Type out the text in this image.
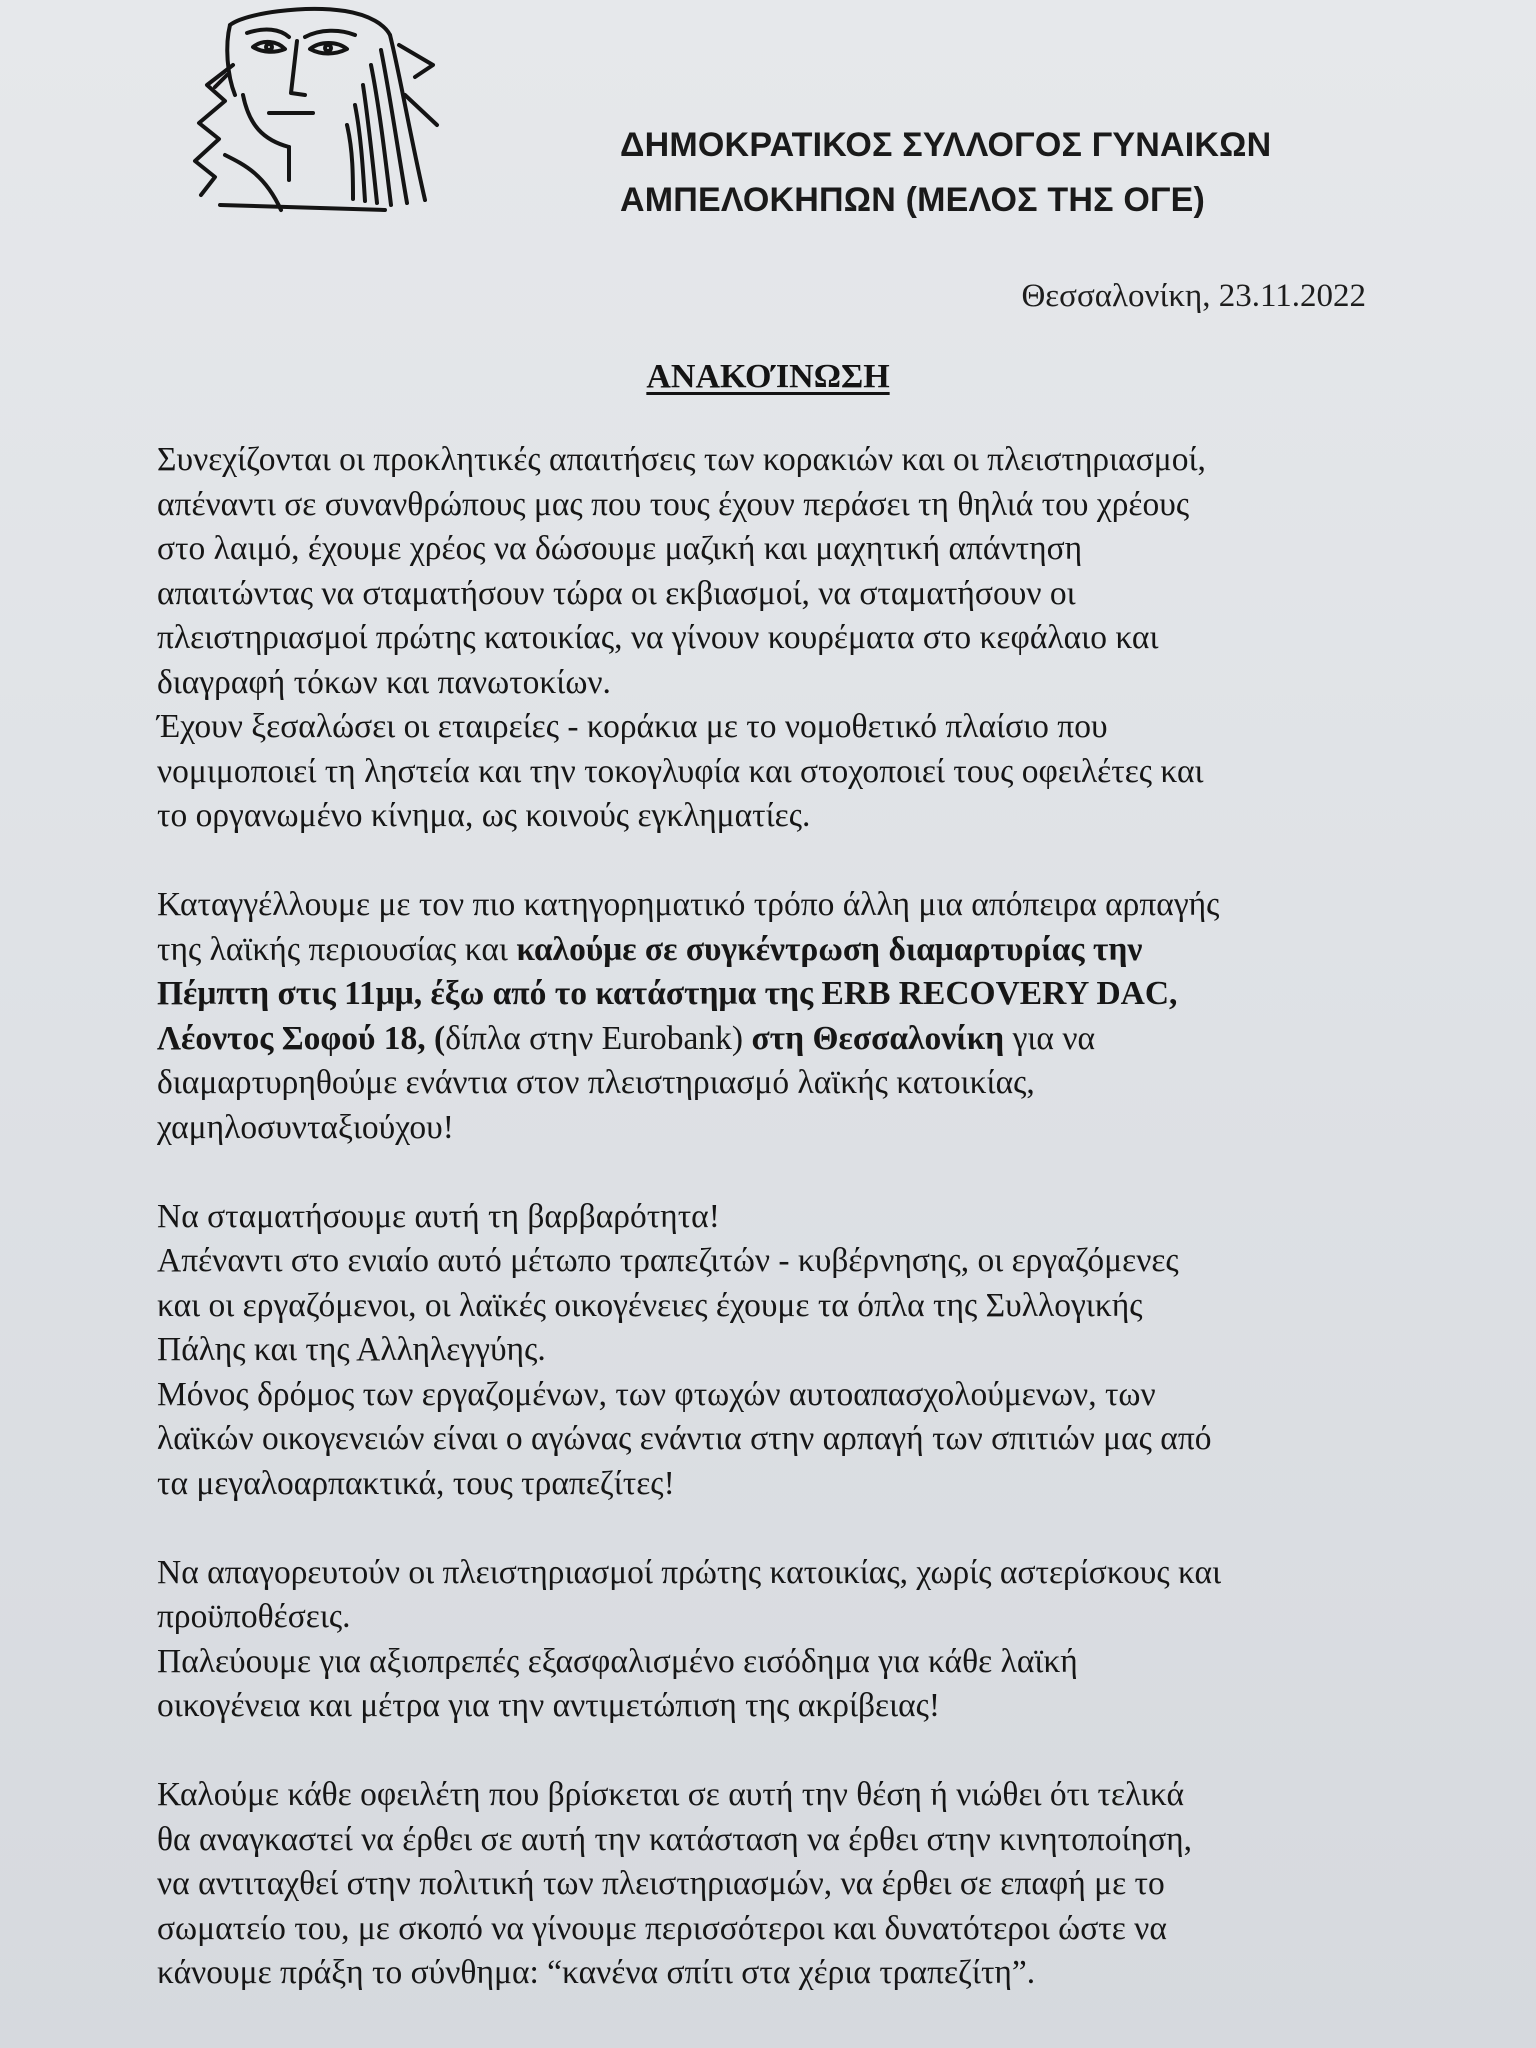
ΔΗΜΟΚΡΑΤΙΚΟΣ ΣΥΛΛΟΓΟΣ ΓΥΝΑΙΚΩΝ
ΑΜΠΕΛΟΚΗΠΩΝ (ΜΕΛΟΣ ΤΗΣ ΟΓΕ)
Θεσσαλονίκη, 23.11.2022
ΑΝΑΚΟΊΝΩΣΗ
Συνεχίζονται οι προκλητικές απαιτήσεις των κορακιών και οι πλειστηριασμοί,
απέναντι σε συνανθρώπους μας που τους έχουν περάσει τη θηλιά του χρέους
στο λαιμό, έχουμε χρέος να δώσουμε μαζική και μαχητική απάντηση
απαιτώντας να σταματήσουν τώρα οι εκβιασμοί, να σταματήσουν οι
πλειστηριασμοί πρώτης κατοικίας, να γίνουν κουρέματα στο κεφάλαιο και
διαγραφή τόκων και πανωτοκίων.
Έχουν ξεσαλώσει οι εταιρείες - κοράκια με το νομοθετικό πλαίσιο που
νομιμοποιεί τη ληστεία και την τοκογλυφία και στοχοποιεί τους οφειλέτες και
το οργανωμένο κίνημα, ως κοινούς εγκληματίες.
Καταγγέλλουμε με τον πιο κατηγορηματικό τρόπο άλλη μια απόπειρα αρπαγής
της λαϊκής περιουσίας και καλούμε σε συγκέντρωση διαμαρτυρίας την
Πέμπτη στις 11μμ, έξω από το κατάστημα της ERB RECOVERY DAC,
Λέοντος Σοφού 18, (δίπλα στην Eurobank) στη Θεσσαλονίκη για να
διαμαρτυρηθούμε ενάντια στον πλειστηριασμό λαϊκής κατοικίας,
χαμηλοσυνταξιούχου!
Να σταματήσουμε αυτή τη βαρβαρότητα!
Απέναντι στο ενιαίο αυτό μέτωπο τραπεζιτών - κυβέρνησης, οι εργαζόμενες
και οι εργαζόμενοι, οι λαϊκές οικογένειες έχουμε τα όπλα της Συλλογικής
Πάλης και της Αλληλεγγύης.
Μόνος δρόμος των εργαζομένων, των φτωχών αυτοαπασχολούμενων, των
λαϊκών οικογενειών είναι ο αγώνας ενάντια στην αρπαγή των σπιτιών μας από
τα μεγαλοαρπακτικά, τους τραπεζίτες!
Να απαγορευτούν οι πλειστηριασμοί πρώτης κατοικίας, χωρίς αστερίσκους και
προϋποθέσεις.
Παλεύουμε για αξιοπρεπές εξασφαλισμένο εισόδημα για κάθε λαϊκή
οικογένεια και μέτρα για την αντιμετώπιση της ακρίβειας!
Καλούμε κάθε οφειλέτη που βρίσκεται σε αυτή την θέση ή νιώθει ότι τελικά
θα αναγκαστεί να έρθει σε αυτή την κατάσταση να έρθει στην κινητοποίηση,
να αντιταχθεί στην πολιτική των πλειστηριασμών, να έρθει σε επαφή με το
σωματείο του, με σκοπό να γίνουμε περισσότεροι και δυνατότεροι ώστε να
κάνουμε πράξη το σύνθημα: “κανένα σπίτι στα χέρια τραπεζίτη”.
